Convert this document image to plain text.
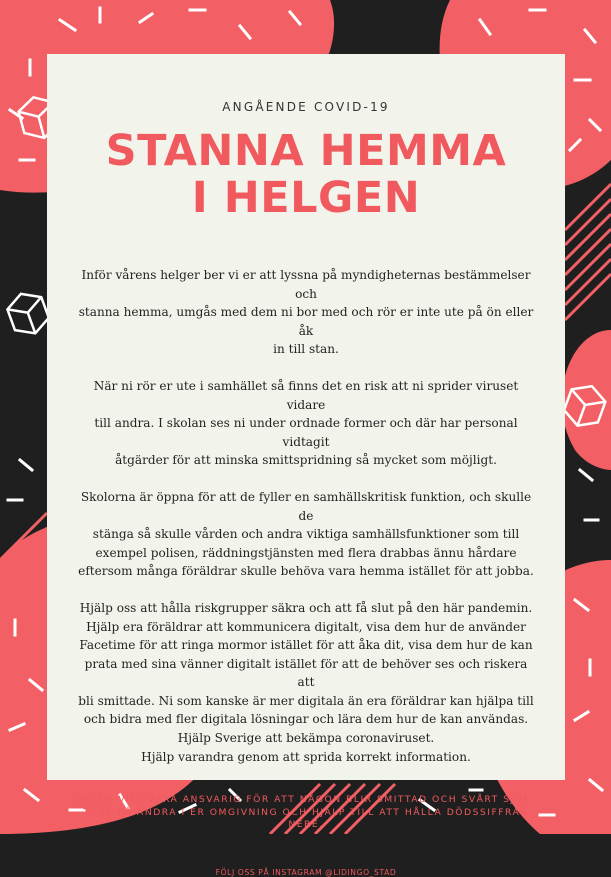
ANGÅENDE COVID-19

STANNA HEMMA
I HELGEN

Inför vårens helger ber vi er att lyssna på myndigheternas bestämmelser och
stanna hemma, umgås med dem ni bor med och rör er inte ute på ön eller åk
in till stan.

När ni rör er ute i samhället så finns det en risk att ni sprider viruset vidare
till andra. I skolan ses ni under ordnade former och där har personal vidtagit
åtgärder för att minska smittspridning så mycket som möjligt.

Skolorna är öppna för att de fyller en samhällskritisk funktion, och skulle de
stänga så skulle vården och andra viktiga samhällsfunktioner som till
exempel polisen, räddningstjänsten med flera drabbas ännu hårdare
eftersom många föräldrar skulle behöva vara hemma istället för att jobba.

Hjälp oss att hålla riskgrupper säkra och att få slut på den här pandemin.
Hjälp era föräldrar att kommunicera digitalt, visa dem hur de använder
Facetime för att ringa mormor istället för att åka dit, visa dem hur de kan
prata med sina vänner digitalt istället för att de behöver ses och riskera att
bli smittade. Ni som kanske är mer digitala än era föräldrar kan hjälpa till
och bidra med fler digitala lösningar och lära dem hur de kan användas.
Hjälp Sverige att bekämpa coronaviruset.
Hjälp varandra genom att sprida korrekt information.

INGEN VILL VARA ANSVARIG FÖR ATT NÅGON BLIR SMITTAD OCH SVÅRT SJUK. TÄNK PÅ ANDRA I ER OMGIVNING OCH HJÄLP TILL ATT HÅLLA DÖDSSIFFRAN NERE.

FÖLJ OSS PÅ INSTAGRAM @LIDINGO_STAD
